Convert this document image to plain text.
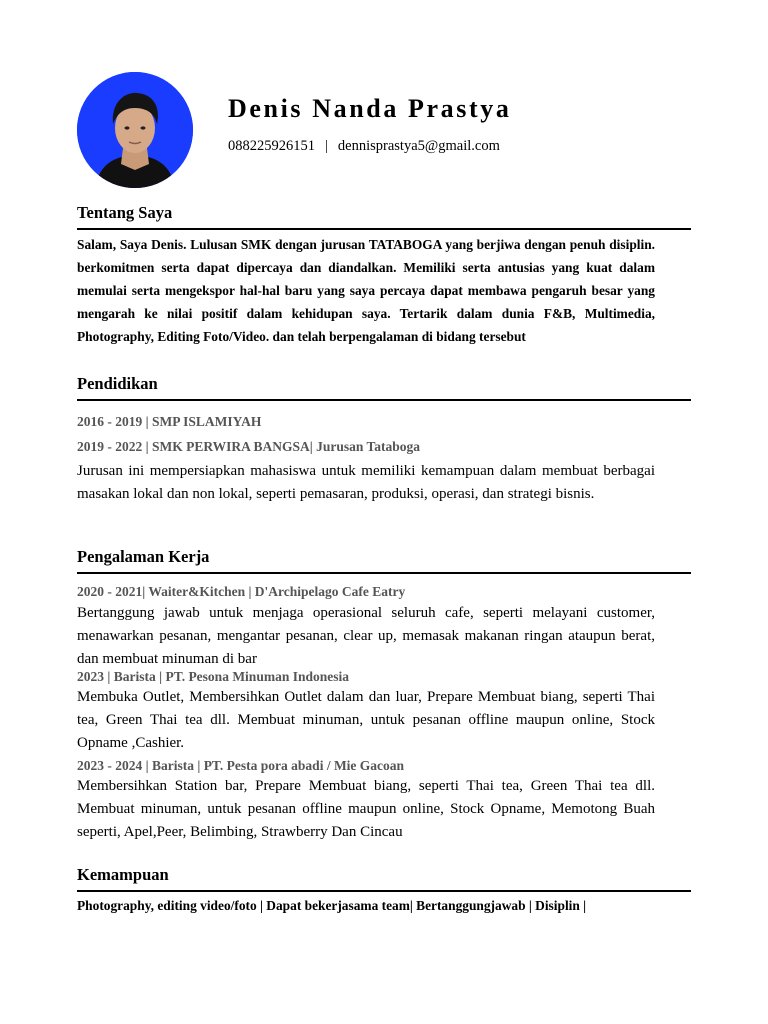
Denis Nanda Prastya
088225926151 | dennisprastya5@gmail.com
Tentang Saya

Salam, Saya Denis. Lulusan SMK dengan jurusan TATABOGA yang berjiwa dengan penuh disiplin. berkomitmen serta dapat dipercaya dan diandalkan. Memiliki serta antusias yang kuat dalam memulai serta mengekspor hal-hal baru yang saya percaya dapat membawa pengaruh besar yang mengarah ke nilai positif dalam kehidupan saya. Tertarik dalam dunia F&B, Multimedia, Photography, Editing Foto/Video. dan telah berpengalaman di bidang tersebut

Pendidikan

2016 - 2019 | SMP ISLAMIYAH

2019 - 2022 | SMK PERWIRA BANGSA| Jurusan Tataboga

Jurusan ini mempersiapkan mahasiswa untuk memiliki kemampuan dalam membuat berbagai masakan lokal dan non lokal, seperti pemasaran, produksi, operasi, dan strategi bisnis.

Pengalaman Kerja

2020 - 2021| Waiter&Kitchen | D'Archipelago Cafe Eatry

Bertanggung jawab untuk menjaga operasional seluruh cafe, seperti melayani customer, menawarkan pesanan, mengantar pesanan, clear up, memasak makanan ringan ataupun berat, dan membuat minuman di bar

2023 | Barista | PT. Pesona Minuman Indonesia

Membuka Outlet, Membersihkan Outlet dalam dan luar, Prepare Membuat biang, seperti Thai tea, Green Thai tea dll. Membuat minuman, untuk pesanan offline maupun online, Stock Opname ,Cashier.

2023 - 2024 | Barista | PT. Pesta pora abadi / Mie Gacoan

Membersihkan Station bar, Prepare Membuat biang, seperti Thai tea, Green Thai tea dll. Membuat minuman, untuk pesanan offline maupun online, Stock Opname, Memotong Buah seperti, Apel,Peer, Belimbing, Strawberry Dan Cincau

Kemampuan

Photography, editing video/foto | Dapat bekerjasama team| Bertanggungjawab | Disiplin |
